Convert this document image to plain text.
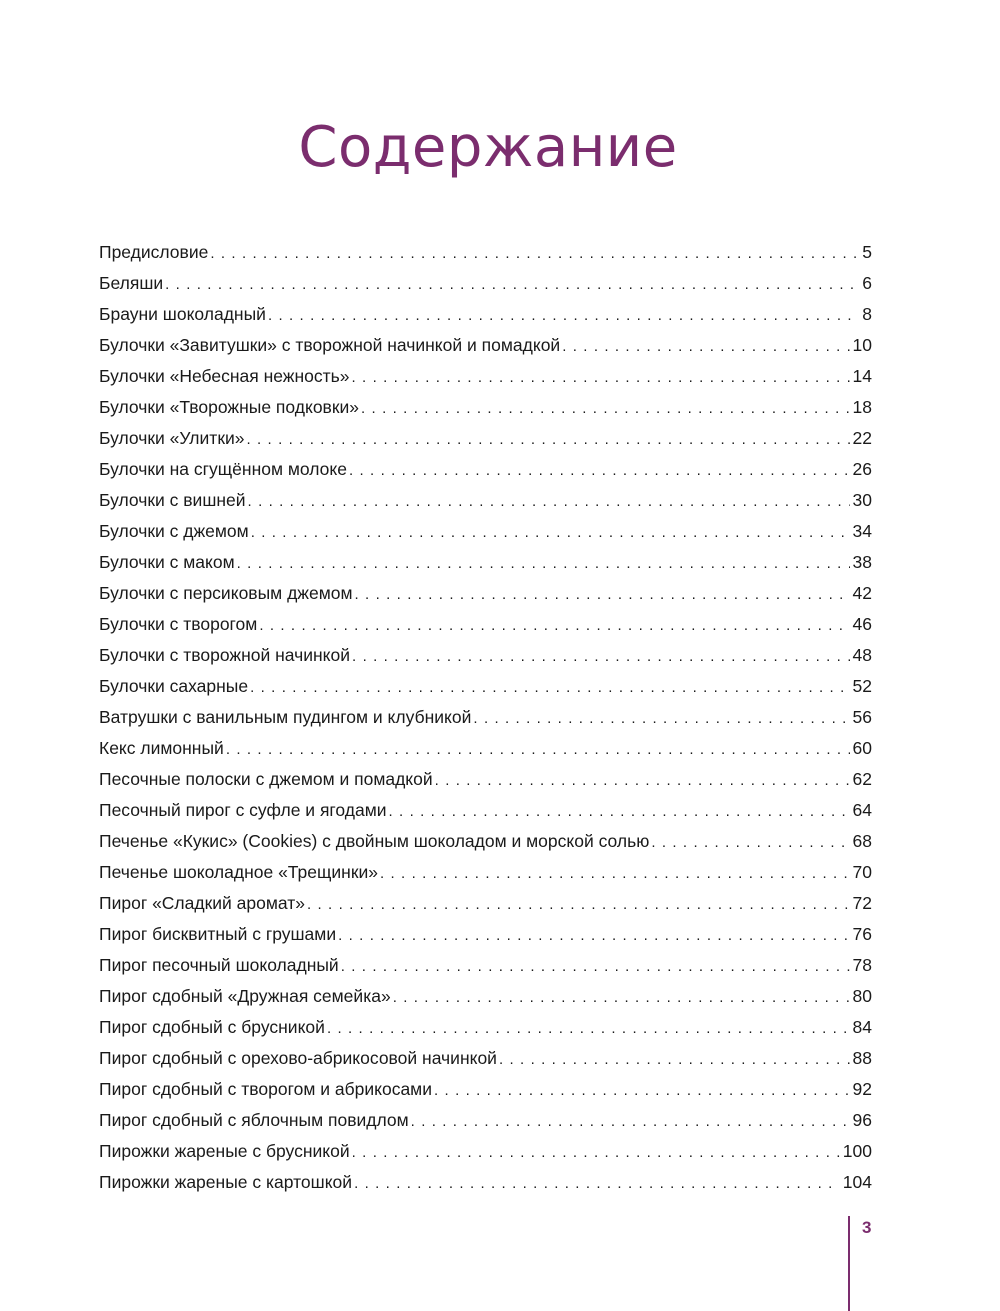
Содержание
Предисловие . . .	5
Беляши . . .	6
Брауни шоколадный . . .	8
Булочки «Завитушки» с творожной начинкой и помадкой . . .	10
Булочки «Небесная нежность» . . .	14
Булочки «Творожные подковки» . . .	18
Булочки «Улитки» . . .	22
Булочки на сгущённом молоке . . .	26
Булочки с вишней . . .	30
Булочки с джемом . . .	34
Булочки с маком . . .	38
Булочки с персиковым джемом . . .	42
Булочки с творогом . . .	46
Булочки с творожной начинкой . . .	48
Булочки сахарные . . .	52
Ватрушки с ванильным пудингом и клубникой . . .	56
Кекс лимонный . . .	60
Песочные полоски с джемом и помадкой . . .	62
Песочный пирог с суфле и ягодами . . .	64
Печенье «Кукис» (Cookies) с двойным шоколадом и морской солью . . .	68
Печенье шоколадное «Трещинки» . . .	70
Пирог «Сладкий аромат» . . .	72
Пирог бисквитный с грушами . . .	76
Пирог песочный шоколадный . . .	78
Пирог сдобный «Дружная семейка» . . .	80
Пирог сдобный с брусникой . . .	84
Пирог сдобный с орехово-абрикосовой начинкой . . .	88
Пирог сдобный с творогом и абрикосами . . .	92
Пирог сдобный с яблочным повидлом . . .	96
Пирожки жареные с брусникой . . .	100
Пирожки жареные с картошкой . . .	104
3
